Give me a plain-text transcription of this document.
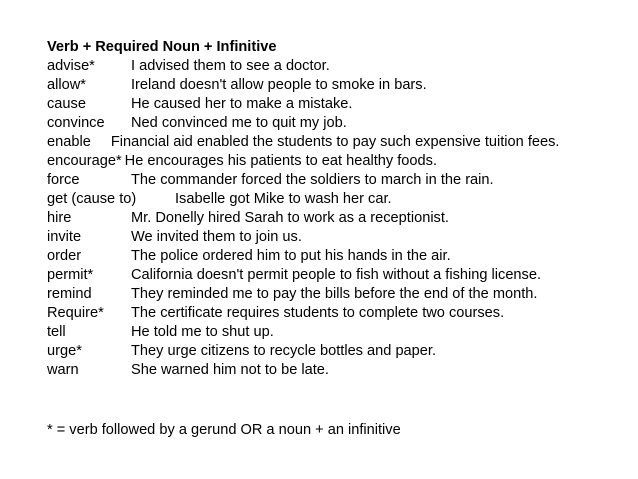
Verb + Required Noun + Infinitive
advise* I advised them to see a doctor.
allow*	Ireland doesn't allow people to smoke in bars.
cause	He caused her to make a mistake.
convince Ned convinced me to quit my job.
enable Financial aid enabled the students to pay such expensive tuition fees.
encourage* He encourages his patients to eat healthy foods.
force	The commander forced the soldiers to march in the rain.
get (cause to)	Isabelle got Mike to wash her car.
hire	Mr. Donelly hired Sarah to work as a receptionist.
invite	We invited them to join us.
order	The police ordered him to put his hands in the air.
permit*	California doesn't permit people to fish without a fishing license.
remind	They reminded me to pay the bills before the end of the month.
Require* The certificate requires students to complete two courses.
tell	He told me to shut up.
urge*	They urge citizens to recycle bottles and paper.
warn	She warned him not to be late.
* = verb followed by a gerund OR a noun + an infinitive
